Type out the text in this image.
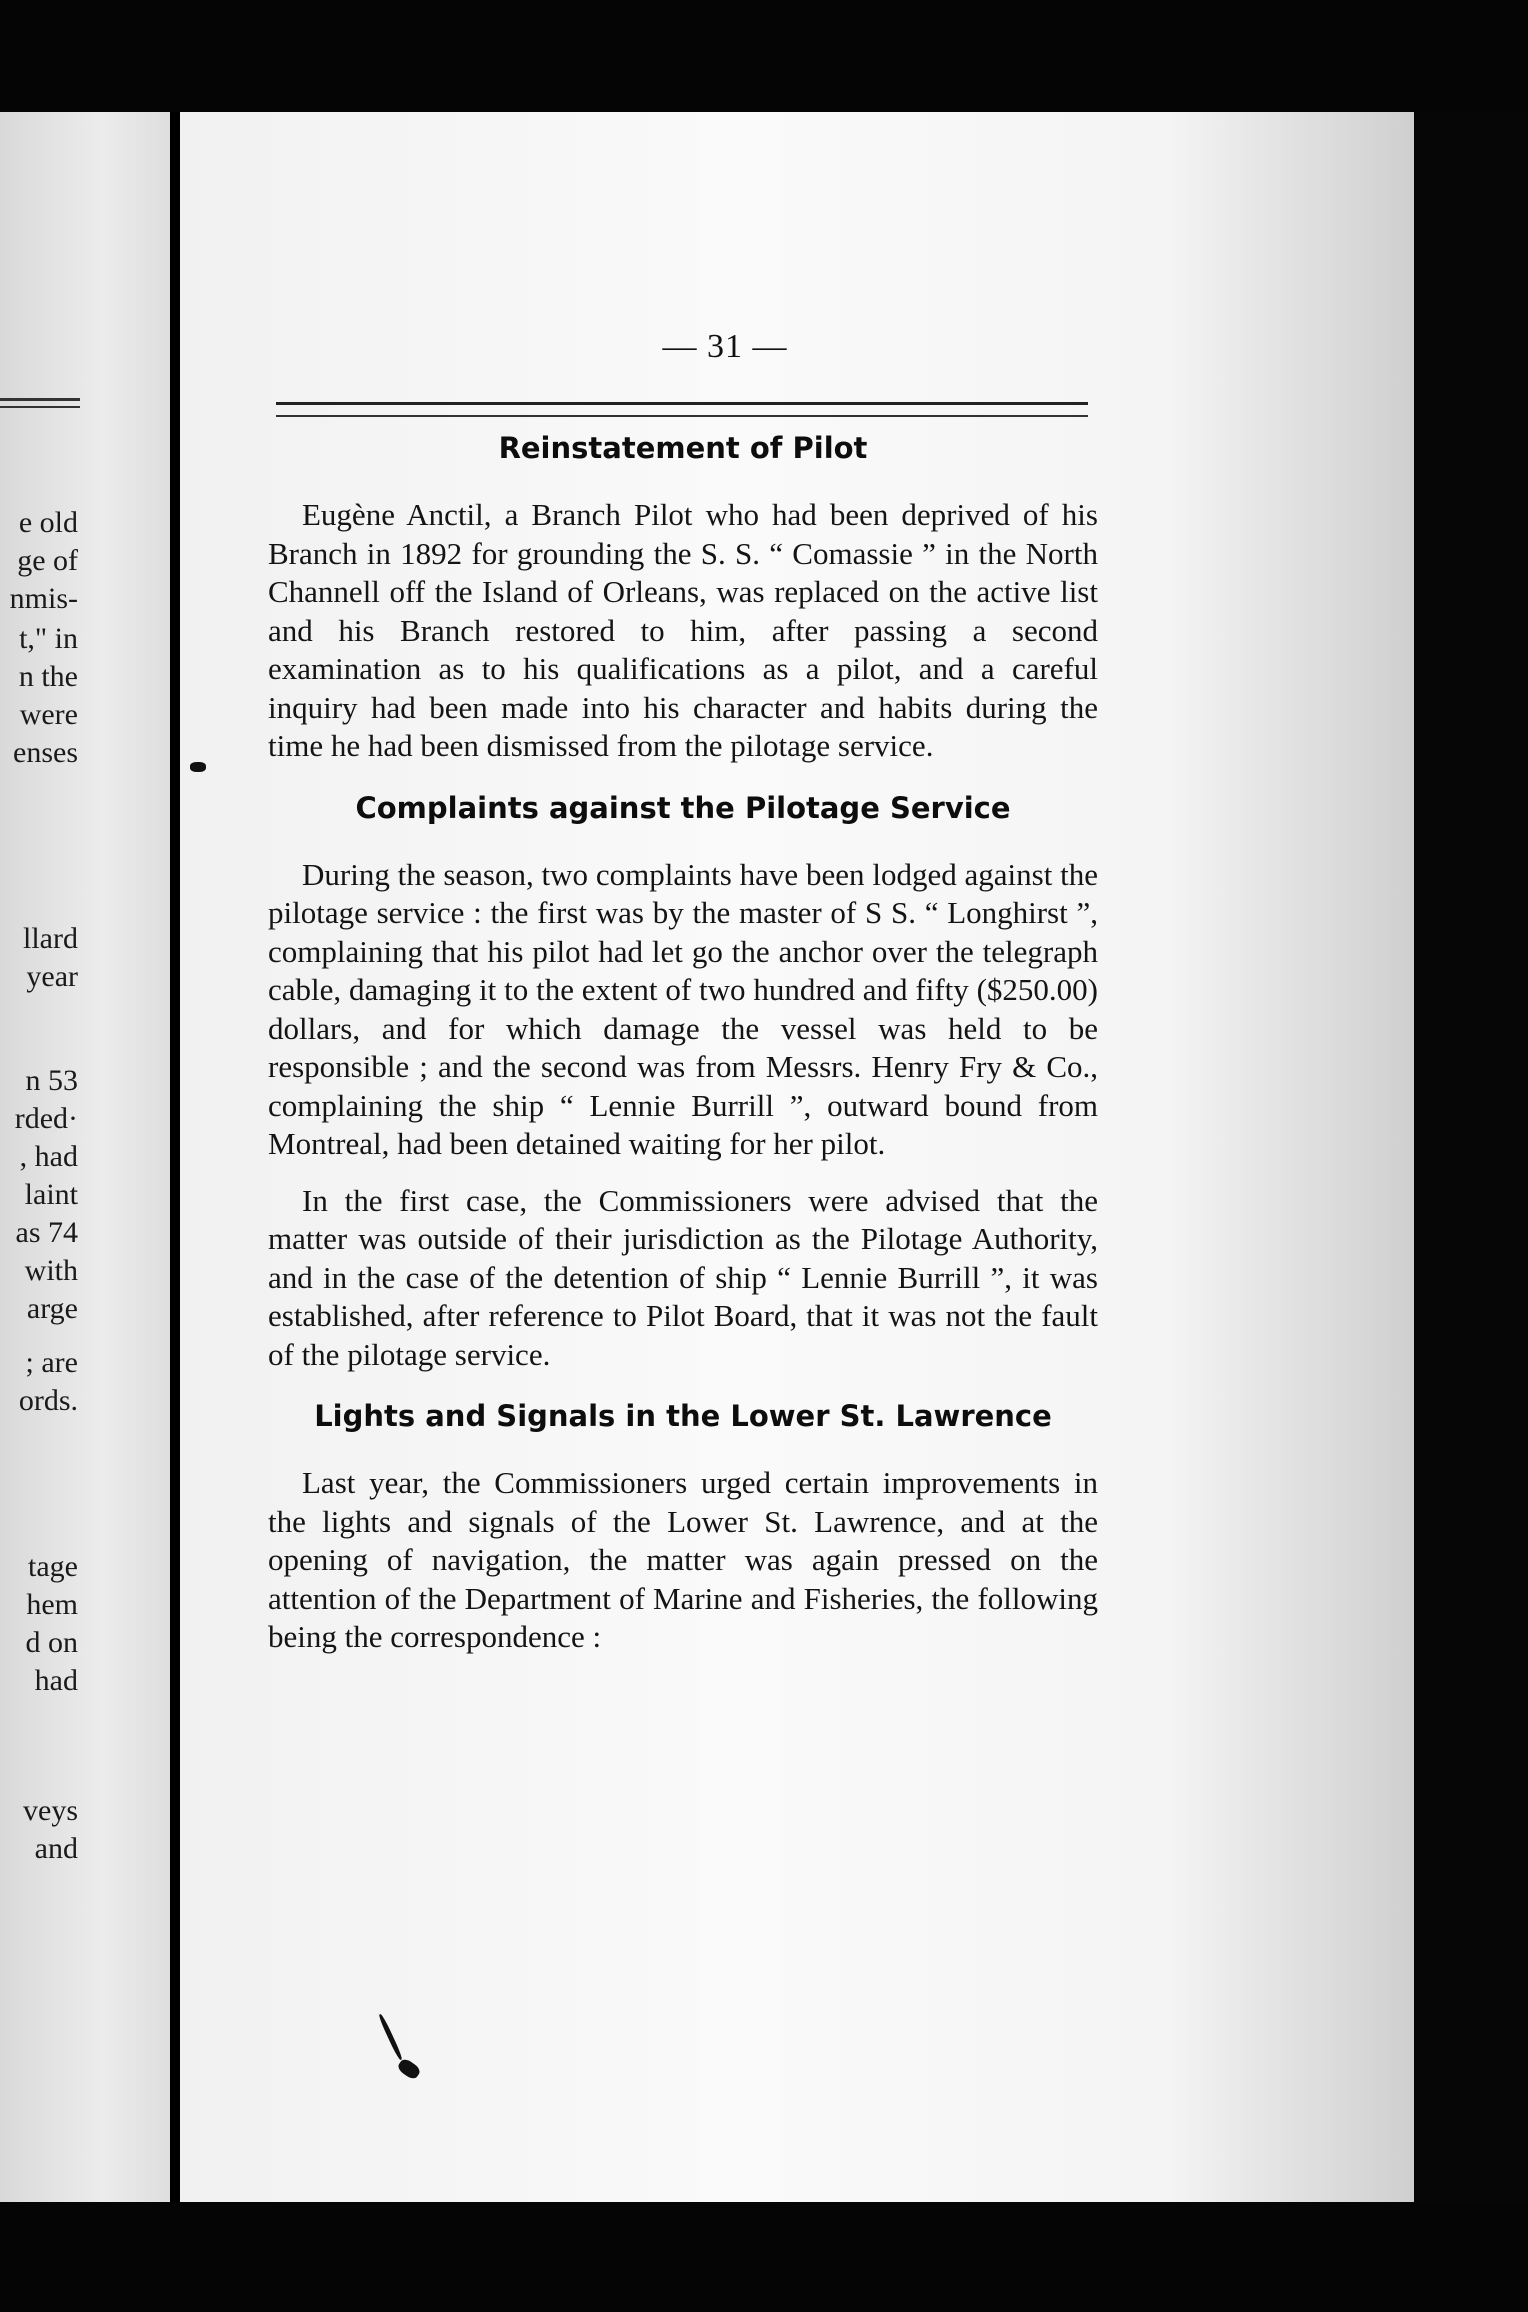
e old
ge of
nmis-
t," in
n the
were
enses
llard
year
n 53
rded·
, had
laint
as 74
with
arge
; are
ords.
tage
hem
d on
had
veys
and
— 31 —
Reinstatement of Pilot

Eugène Anctil, a Branch Pilot who had been deprived of his Branch in 1892 for grounding the S. S. “ Comassie ” in the North Channell off the Island of Orleans, was replaced on the active list and his Branch restored to him, after passing a second examination as to his qualifications as a pilot, and a careful inquiry had been made into his character and habits during the time he had been dismissed from the pilotage service.

Complaints against the Pilotage Service

During the season, two complaints have been lodged against the pilotage service : the first was by the master of S S. “ Longhirst ”, complaining that his pilot had let go the anchor over the telegraph cable, damaging it to the extent of two hundred and fifty ($250.00) dollars, and for which damage the vessel was held to be responsible ; and the second was from Messrs. Henry Fry & Co., complaining the ship “ Lennie Burrill ”, outward bound from Montreal, had been detained waiting for her pilot.

In the first case, the Commissioners were advised that the matter was outside of their jurisdiction as the Pilotage Authority, and in the case of the detention of ship “ Lennie Burrill ”, it was established, after reference to Pilot Board, that it was not the fault of the pilotage service.

Lights and Signals in the Lower St. Lawrence

Last year, the Commissioners urged certain improvements in the lights and signals of the Lower St. Lawrence, and at the opening of navigation, the matter was again pressed on the attention of the Department of Marine and Fisheries, the following being the correspondence :
